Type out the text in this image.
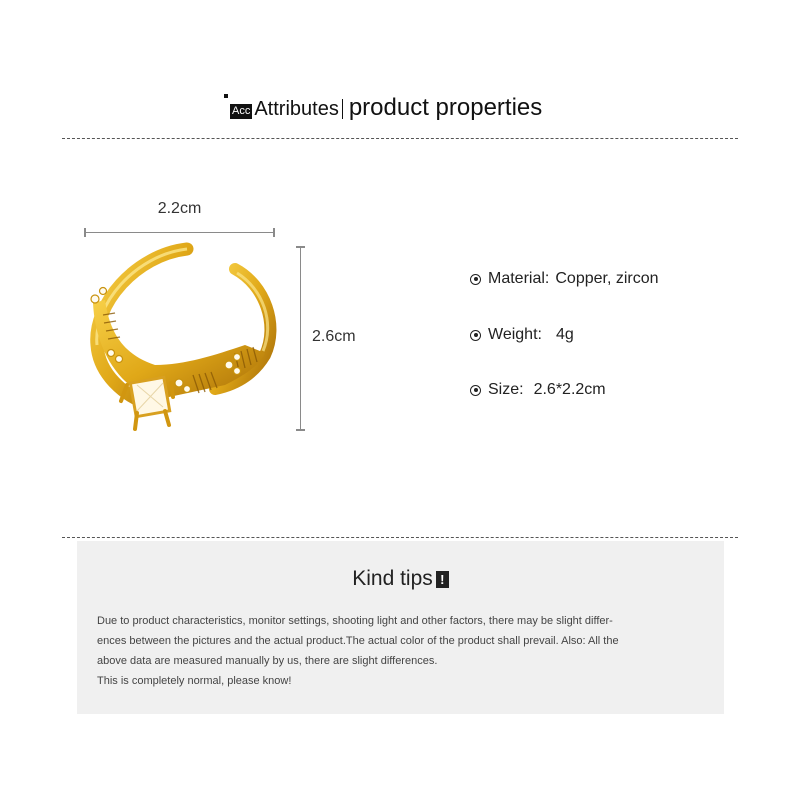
Acc Attributes product properties
2.2cm
2.6cm
Material: Copper, zircon
Weight: 4g
Size: 2.6*2.2cm
Kind tips !
Due to product characteristics, monitor settings, shooting light and other factors, there may be slight differ-
ences between the pictures and the actual product.The actual color of the product shall prevail. Also: All the
above data are measured manually by us, there are slight differences.
This is completely normal, please know!
